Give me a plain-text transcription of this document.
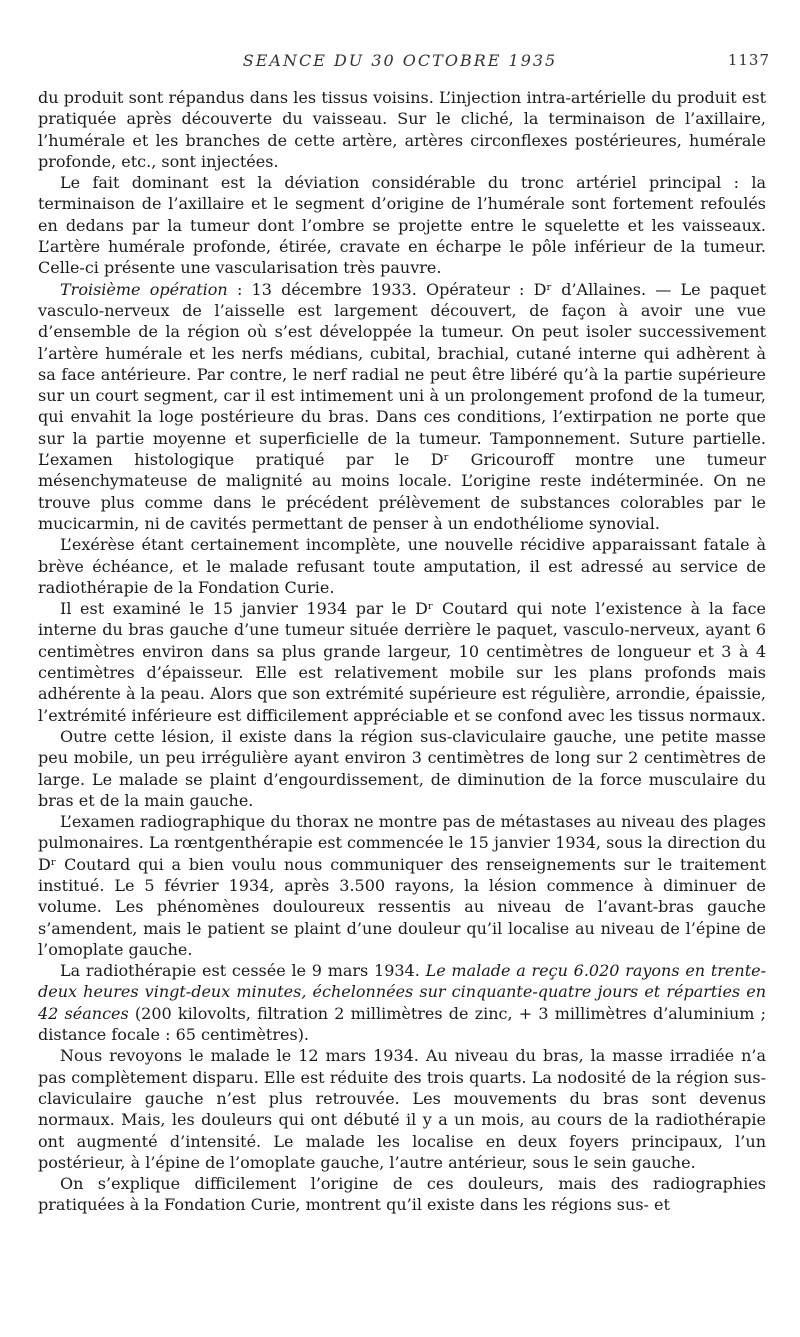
SEANCE DU 30 OCTOBRE 1935	1137

du produit sont répandus dans les tissus voisins. L’injection intra-artérielle du produit est pratiquée après découverte du vaisseau. Sur le cliché, la terminaison de l’axillaire, l’humérale et les branches de cette artère, artères circonflexes postérieures, humérale profonde, etc., sont injectées.

Le fait dominant est la déviation considérable du tronc artériel principal : la terminaison de l’axillaire et le segment d’origine de l’humérale sont fortement refoulés en dedans par la tumeur dont l’ombre se projette entre le squelette et les vaisseaux. L’artère humérale profonde, étirée, cravate en écharpe le pôle inférieur de la tumeur. Celle-ci présente une vascularisation très pauvre.

Troisième opération : 13 décembre 1933. Opérateur : Dʳ d’Allaines. — Le paquet vasculo-nerveux de l’aisselle est largement découvert, de façon à avoir une vue d’ensemble de la région où s’est développée la tumeur. On peut isoler successivement l’artère humérale et les nerfs médians, cubital, brachial, cutané interne qui adhèrent à sa face antérieure. Par contre, le nerf radial ne peut être libéré qu’à la partie supérieure sur un court segment, car il est intimement uni à un prolongement profond de la tumeur, qui envahit la loge postérieure du bras. Dans ces conditions, l’extirpation ne porte que sur la partie moyenne et superficielle de la tumeur. Tamponnement. Suture partielle. L’examen histologique pratiqué par le Dʳ Gricouroff montre une tumeur mésenchymateuse de malignité au moins locale. L’origine reste indéterminée. On ne trouve plus comme dans le précédent prélèvement de substances colorables par le mucicarmin, ni de cavités permettant de penser à un endothéliome synovial.

L’exérèse étant certainement incomplète, une nouvelle récidive apparaissant fatale à brève échéance, et le malade refusant toute amputation, il est adressé au service de radiothérapie de la Fondation Curie.

Il est examiné le 15 janvier 1934 par le Dʳ Coutard qui note l’existence à la face interne du bras gauche d’une tumeur située derrière le paquet, vasculo-nerveux, ayant 6 centimètres environ dans sa plus grande largeur, 10 centimètres de longueur et 3 à 4 centimètres d’épaisseur. Elle est relativement mobile sur les plans profonds mais adhérente à la peau. Alors que son extrémité supérieure est régulière, arrondie, épaissie, l’extrémité inférieure est difficilement appréciable et se confond avec les tissus normaux.

Outre cette lésion, il existe dans la région sus-claviculaire gauche, une petite masse peu mobile, un peu irrégulière ayant environ 3 centimètres de long sur 2 centimètres de large. Le malade se plaint d’engourdissement, de diminution de la force musculaire du bras et de la main gauche.

L’examen radiographique du thorax ne montre pas de métastases au niveau des plages pulmonaires. La rœntgenthérapie est commencée le 15 janvier 1934, sous la direction du Dʳ Coutard qui a bien voulu nous communiquer des renseignements sur le traitement institué. Le 5 février 1934, après 3.500 rayons, la lésion commence à diminuer de volume. Les phénomènes douloureux ressentis au niveau de l’avant-bras gauche s’amendent, mais le patient se plaint d’une douleur qu’il localise au niveau de l’épine de l’omoplate gauche.

La radiothérapie est cessée le 9 mars 1934. Le malade a reçu 6.020 rayons en trente-deux heures vingt-deux minutes, échelonnées sur cinquante-quatre jours et réparties en 42 séances (200 kilovolts, filtration 2 millimètres de zinc, + 3 millimètres d’aluminium ; distance focale : 65 centimètres).

Nous revoyons le malade le 12 mars 1934. Au niveau du bras, la masse irradiée n’a pas complètement disparu. Elle est réduite des trois quarts. La nodosité de la région sus-claviculaire gauche n’est plus retrouvée. Les mouvements du bras sont devenus normaux. Mais, les douleurs qui ont débuté il y a un mois, au cours de la radiothérapie ont augmenté d’intensité. Le malade les localise en deux foyers principaux, l’un postérieur, à l’épine de l’omoplate gauche, l’autre antérieur, sous le sein gauche.

On s’explique difficilement l’origine de ces douleurs, mais des radiographies pratiquées à la Fondation Curie, montrent qu’il existe dans les régions sus- et
